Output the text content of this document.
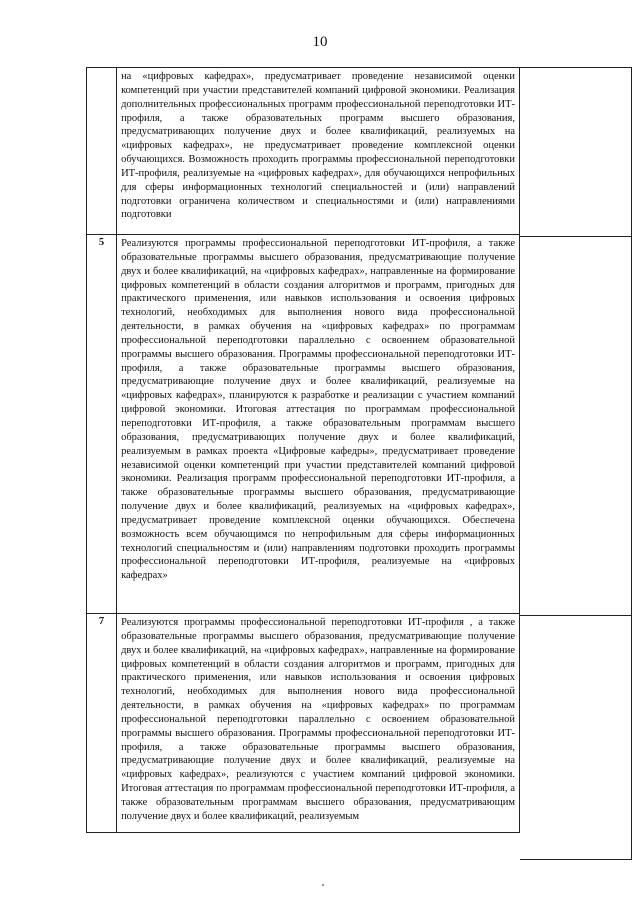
10

	на «цифровых кафедрах», предусматривает проведение независимой оценки компетенций при участии представителей компаний цифровой экономики. Реализация дополнительных профессиональных программ профессиональной переподготовки ИТ-профиля, а также образовательных программ высшего образования, предусматривающих получение двух и более квалификаций, реализуемых на «цифровых кафедрах», не предусматривает проведение комплексной оценки обучающихся. Возможность проходить программы профессиональной переподготовки ИТ-профиля, реализуемые на «цифровых кафедрах», для обучающихся непрофильных для сферы информационных технологий специальностей и (или) направлений подготовки ограничена количеством и специальностями и (или) направлениями подготовки

5	Реализуются программы профессиональной переподготовки ИТ-профиля, а также образовательные программы высшего образования, предусматривающие получение двух и более квалификаций, на «цифровых кафедрах», направленные на формирование цифровых компетенций в области создания алгоритмов и программ, пригодных для практического применения, или навыков использования и освоения цифровых технологий, необходимых для выполнения нового вида профессиональной деятельности, в рамках обучения на «цифровых кафедрах» по программам профессиональной переподготовки параллельно с освоением образовательной программы высшего образования. Программы профессиональной переподготовки ИТ-профиля, а также образовательные программы высшего образования, предусматривающие получение двух и более квалификаций, реализуемые на «цифровых кафедрах», планируются к разработке и реализации с участием компаний цифровой экономики. Итоговая аттестация по программам профессиональной переподготовки ИТ-профиля, а также образовательным программам высшего образования, предусматривающих получение двух и более квалификаций, реализуемым в рамках проекта «Цифровые кафедры», предусматривает проведение независимой оценки компетенций при участии представителей компаний цифровой экономики. Реализация программ профессиональной переподготовки ИТ-профиля, а также образовательные программы высшего образования, предусматривающие получение двух и более квалификаций, реализуемых на «цифровых кафедрах», предусматривает проведение комплексной оценки обучающихся. Обеспечена возможность всем обучающимся по непрофильным для сферы информационных технологий специальностям и (или) направлениям подготовки проходить программы профессиональной переподготовки ИТ-профиля, реализуемые на «цифровых кафедрах»

7	Реализуются программы профессиональной переподготовки ИТ-профиля , а также образовательные программы высшего образования, предусматривающие получение двух и более квалификаций, на «цифровых кафедрах», направленные на формирование цифровых компетенций в области создания алгоритмов и программ, пригодных для практического применения, или навыков использования и освоения цифровых технологий, необходимых для выполнения нового вида профессиональной деятельности, в рамках обучения на «цифровых кафедрах» по программам профессиональной переподготовки параллельно с освоением образовательной программы высшего образования. Программы профессиональной переподготовки ИТ-профиля, а также образовательные программы высшего образования, предусматривающие получение двух и более квалификаций, реализуемые на «цифровых кафедрах», реализуются с участием компаний цифровой экономики. Итоговая аттестация по программам профессиональной переподготовки ИТ-профиля, а также образовательным программам высшего образования, предусматривающим получение двух и более квалификаций, реализуемым
